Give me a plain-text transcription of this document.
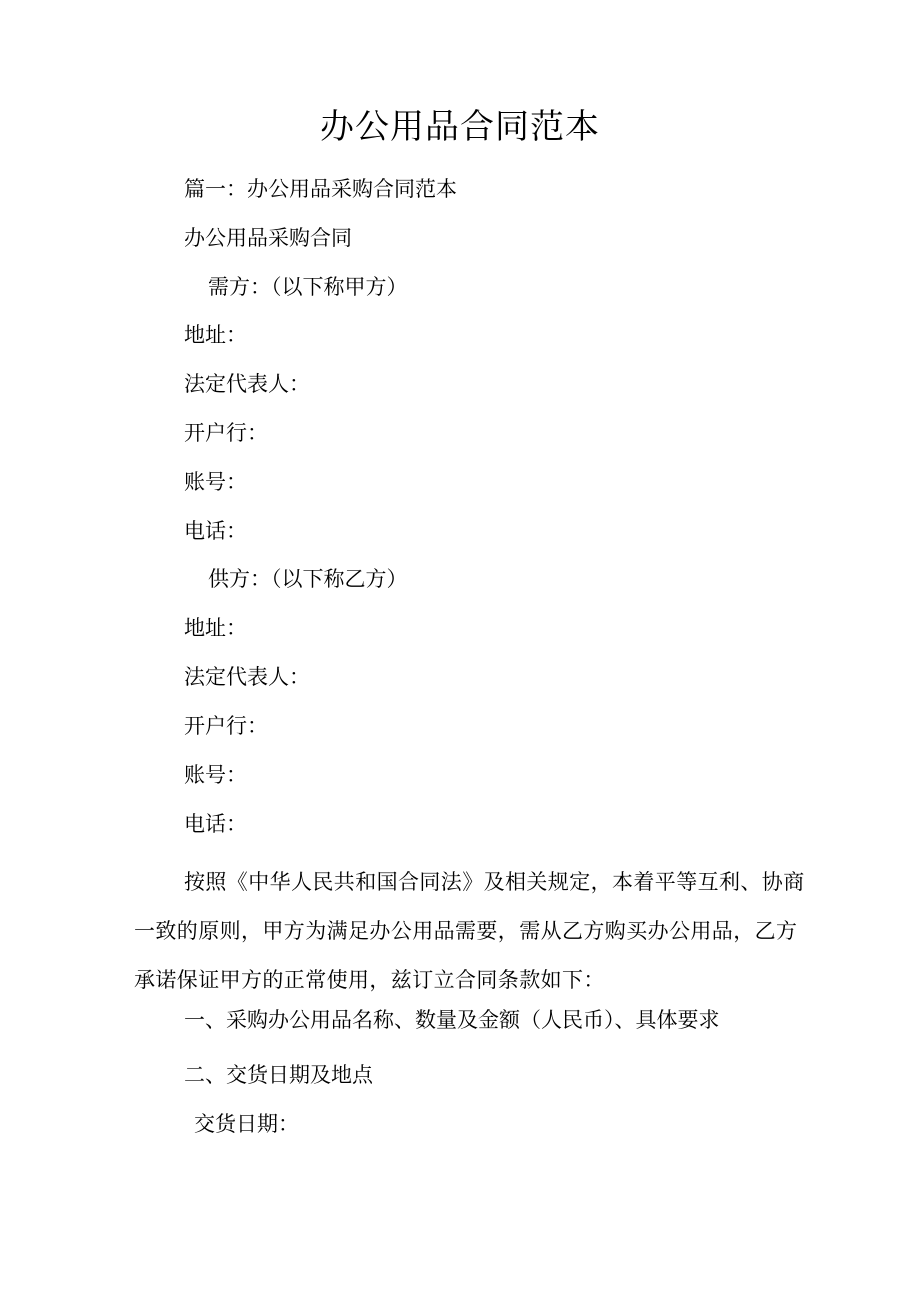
办公用品合同范本
篇一：办公用品采购合同范本
办公用品采购合同
需方：（以下称甲方）
地址：
法定代表人：
开户行：
账号：
电话：
供方：（以下称乙方）
地址：
法定代表人：
开户行：
账号：
电话：
按照《中华人民共和国合同法》及相关规定，本着平等互利、协商一致的原则，甲方为满足办公用品需要，需从乙方购买办公用品，乙方承诺保证甲方的正常使用，兹订立合同条款如下：
一、采购办公用品名称、数量及金额（人民币）、具体要求
二、交货日期及地点
交货日期：
